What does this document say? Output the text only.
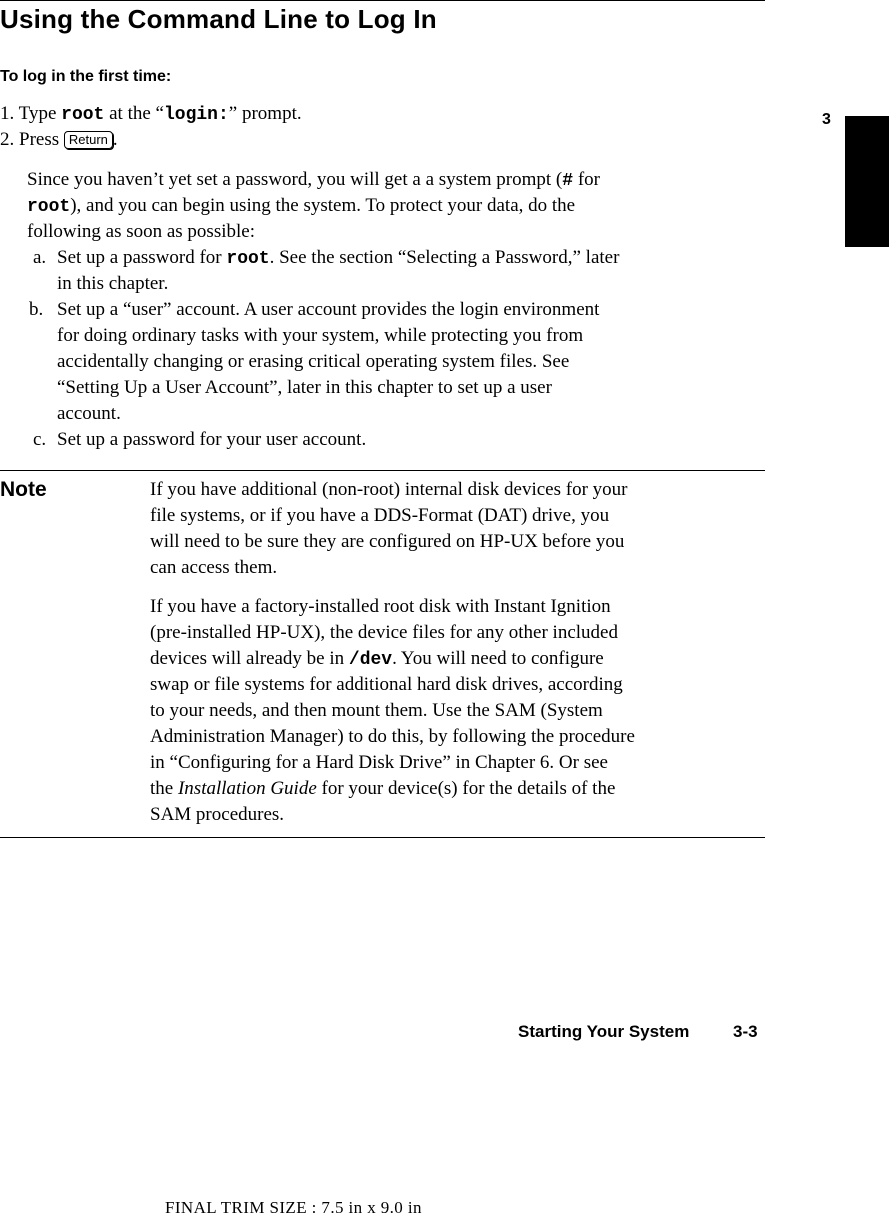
Using the Command Line to Log In
To log in the first time:
1. Type root at the “login:” prompt.
2. Press Return .
Since you haven’t yet set a password, you will get a a system prompt (# for
root), and you can begin using the system. To protect your data, do the
following as soon as possible:
a. Set up a password for root. See the section “Selecting a Password,” later
in this chapter.
b. Set up a “user” account. A user account provides the login environment
for doing ordinary tasks with your system, while protecting you from
accidentally changing or erasing critical operating system files. See
“Setting Up a User Account”, later in this chapter to set up a user
account.
c. Set up a password for your user account.
Note	If you have additional (non-root) internal disk devices for your
file systems, or if you have a DDS-Format (DAT) drive, you
will need to be sure they are configured on HP-UX before you
can access them.
If you have a factory-installed root disk with Instant Ignition
(pre-installed HP-UX), the device files for any other included
devices will already be in /dev. You will need to configure
swap or file systems for additional hard disk drives, according
to your needs, and then mount them. Use the SAM (System
Administration Manager) to do this, by following the procedure
in “Configuring for a Hard Disk Drive” in Chapter 6. Or see
the Installation Guide for your device(s) for the details of the
SAM procedures.
3
Starting Your System	3-3
FINAL TRIM SIZE : 7.5 in x 9.0 in
